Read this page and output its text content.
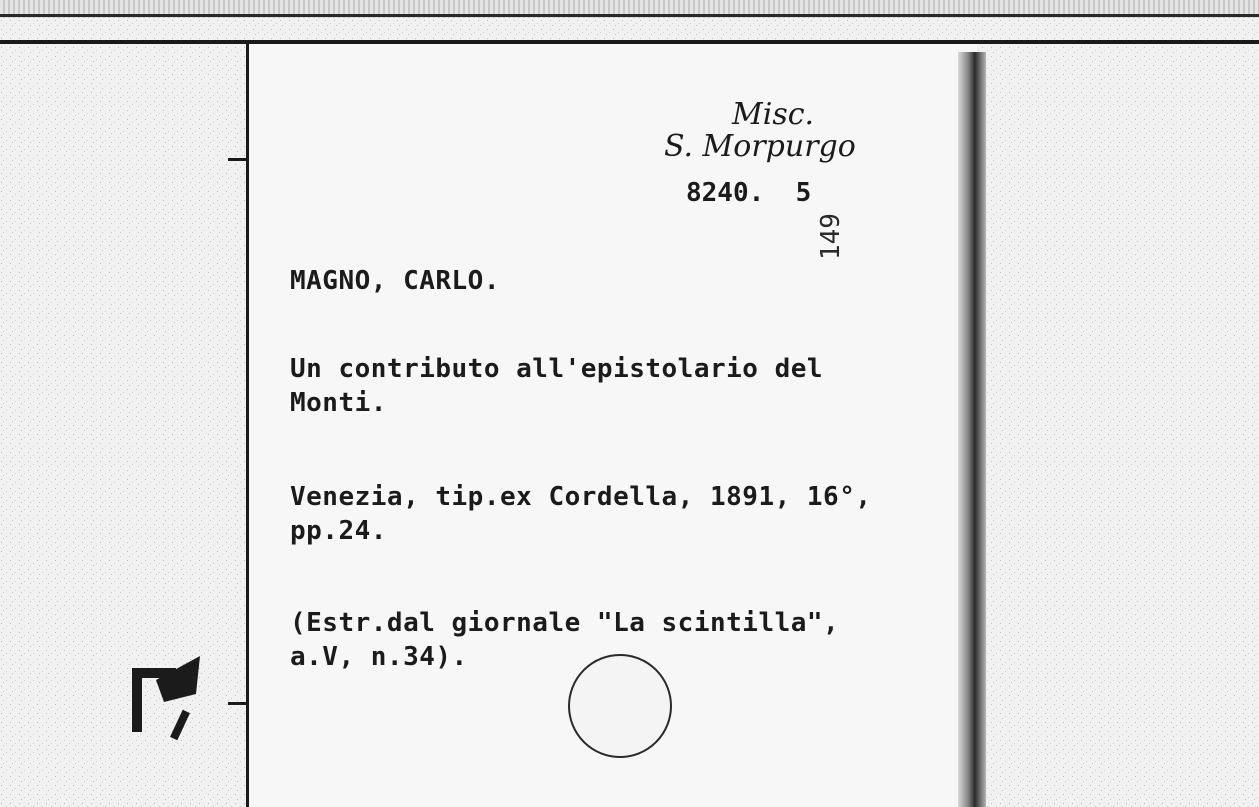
Misc.
S. Morpurgo
8240.  5
149
MAGNO, CARLO.
Un contributo all'epistolario del
Monti.
Venezia, tip.ex Cordella, 1891, 16°,
pp.24.
(Estr.dal giornale "La scintilla",
a.V, n.34).
